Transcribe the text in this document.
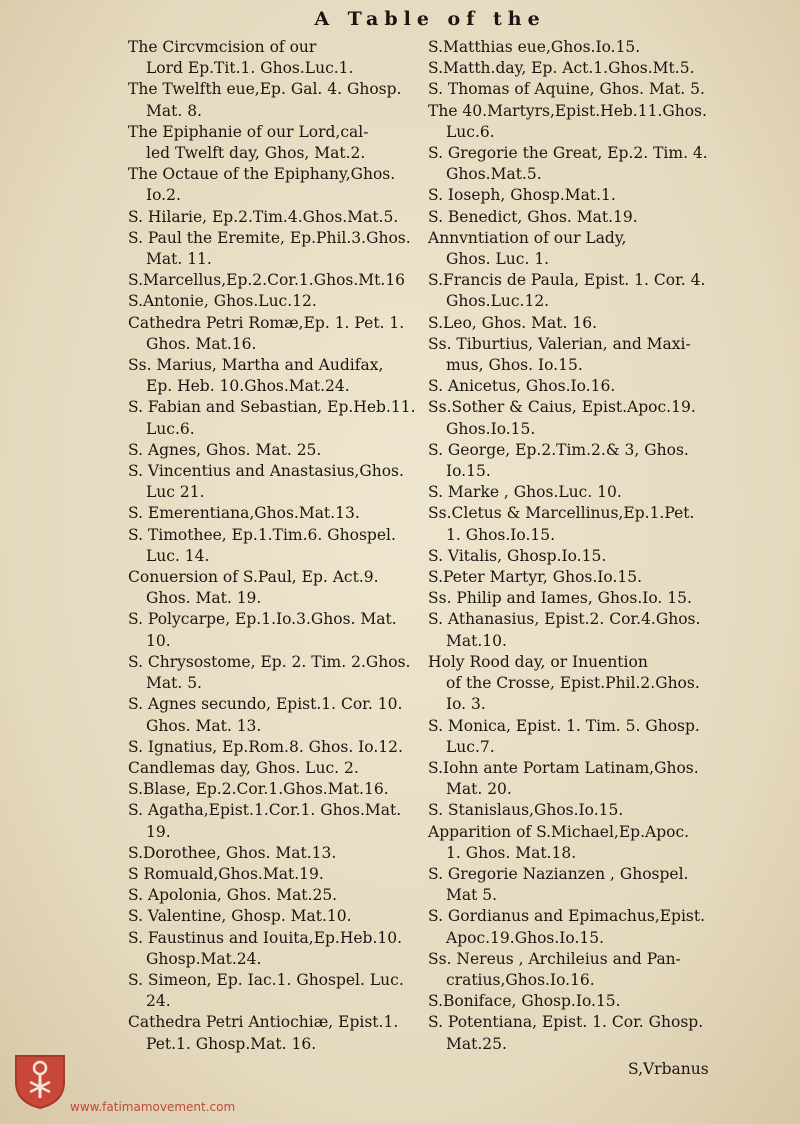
A Table of the
The Circvmcision of our
Lord Ep.Tit.1. Ghos.Luc.1.
The Twelfth eue,Ep. Gal. 4. Ghosp.
Mat. 8.
The Epiphanie of our Lord,cal-
led Twelft day, Ghos, Mat.2.
The Octaue of the Epiphany,Ghos.
Io.2.
S. Hilarie, Ep.2.Tim.4.Ghos.Mat.5.
S. Paul the Eremite, Ep.Phil.3.Ghos.
Mat. 11.
S.Marcellus,Ep.2.Cor.1.Ghos.Mt.16
S.Antonie, Ghos.Luc.12.
Cathedra Petri Romæ,Ep. 1. Pet. 1.
Ghos. Mat.16.
Ss. Marius, Martha and Audifax,
Ep. Heb. 10.Ghos.Mat.24.
S. Fabian and Sebastian, Ep.Heb.11.
Luc.6.
S. Agnes, Ghos. Mat. 25.
S. Vincentius and Anastasius,Ghos.
Luc 21.
S. Emerentiana,Ghos.Mat.13.
S. Timothee, Ep.1.Tim.6. Ghospel.
Luc. 14.
Conuersion of S.Paul, Ep. Act.9.
Ghos. Mat. 19.
S. Polycarpe, Ep.1.Io.3.Ghos. Mat.
10.
S. Chrysostome, Ep. 2. Tim. 2.Ghos.
Mat. 5.
S. Agnes secundo, Epist.1. Cor. 10.
Ghos. Mat. 13.
S. Ignatius, Ep.Rom.8. Ghos. Io.12.
Candlemas day, Ghos. Luc. 2.
S.Blase, Ep.2.Cor.1.Ghos.Mat.16.
S. Agatha,Epist.1.Cor.1. Ghos.Mat.
19.
S.Dorothee, Ghos. Mat.13.
S Romuald,Ghos.Mat.19.
S. Apolonia, Ghos. Mat.25.
S. Valentine, Ghosp. Mat.10.
S. Faustinus and Iouita,Ep.Heb.10.
Ghosp.Mat.24.
S. Simeon, Ep. Iac.1. Ghospel. Luc.
24.
Cathedra Petri Antiochiæ, Epist.1.
Pet.1. Ghosp.Mat. 16.
S.Matthias eue,Ghos.Io.15.
S.Matth.day, Ep. Act.1.Ghos.Mt.5.
S. Thomas of Aquine, Ghos. Mat. 5.
The 40.Martyrs,Epist.Heb.11.Ghos.
Luc.6.
S. Gregorie the Great, Ep.2. Tim. 4.
Ghos.Mat.5.
S. Ioseph, Ghosp.Mat.1.
S. Benedict, Ghos. Mat.19.
Annvntiation of our Lady,
Ghos. Luc. 1.
S.Francis de Paula, Epist. 1. Cor. 4.
Ghos.Luc.12.
S.Leo, Ghos. Mat. 16.
Ss. Tiburtius, Valerian, and Maxi-
mus, Ghos. Io.15.
S. Anicetus, Ghos.Io.16.
Ss.Sother & Caius, Epist.Apoc.19.
Ghos.Io.15.
S. George, Ep.2.Tim.2.& 3, Ghos.
Io.15.
S. Marke , Ghos.Luc. 10.
Ss.Cletus & Marcellinus,Ep.1.Pet.
1. Ghos.Io.15.
S. Vitalis, Ghosp.Io.15.
S.Peter Martyr, Ghos.Io.15.
Ss. Philip and Iames, Ghos.Io. 15.
S. Athanasius, Epist.2. Cor.4.Ghos.
Mat.10.
Holy Rood day, or Inuention
of the Crosse, Epist.Phil.2.Ghos.
Io. 3.
S. Monica, Epist. 1. Tim. 5. Ghosp.
Luc.7.
S.Iohn ante Portam Latinam,Ghos.
Mat. 20.
S. Stanislaus,Ghos.Io.15.
Apparition of S.Michael,Ep.Apoc.
1. Ghos. Mat.18.
S. Gregorie Nazianzen , Ghospel.
Mat 5.
S. Gordianus and Epimachus,Epist.
Apoc.19.Ghos.Io.15.
Ss. Nereus , Archileius and Pan-
cratius,Ghos.Io.16.
S.Boniface, Ghosp.Io.15.
S. Potentiana, Epist. 1. Cor. Ghosp.
Mat.25.
S,Vrbanus
www.fatimamovement.com
